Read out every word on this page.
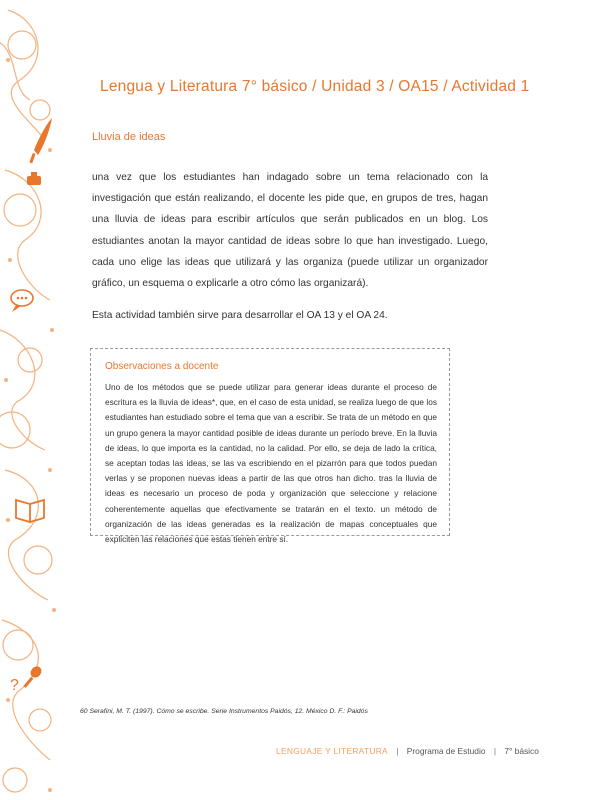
?
Lengua y Literatura 7° básico / Unidad 3 / OA15 / Actividad 1
Lluvia de ideas
una vez que los estudiantes han indagado sobre un tema relacionado con la investigación que están realizando, el docente les pide que, en grupos de tres, hagan una lluvia de ideas para escribir artículos que serán publicados en un blog. Los estudiantes anotan la mayor cantidad de ideas sobre lo que han investigado. Luego, cada uno elige las ideas que utilizará y las organiza (puede utilizar un organizador gráfico, un esquema o explicarle a otro cómo las organizará).
Esta actividad también sirve para desarrollar el OA 13 y el OA 24.
Observaciones a docente
Uno de los métodos que se puede utilizar para generar ideas durante el proceso de escritura es la lluvia de ideas*, que, en el caso de esta unidad, se realiza luego de que los estudiantes han estudiado sobre el tema que van a escribir. Se trata de un método en que un grupo genera la mayor cantidad posible de ideas durante un período breve. En la lluvia de ideas, lo que importa es la cantidad, no la calidad. Por ello, se deja de lado la crítica, se aceptan todas las ideas, se las va escribiendo en el pizarrón para que todos puedan verlas y se proponen nuevas ideas a partir de las que otros han dicho. tras la lluvia de ideas es necesario un proceso de poda y organización que seleccione y relacione coherentemente aquellas que efectivamente se tratarán en el texto. un método de organización de las ideas generadas es la realización de mapas conceptuales que expliciten las relaciones que estas tienen entre sí.
60 Serafini, M. T. (1997). Cómo se escribe. Serie Instrumentos Paidós, 12. México D. F.: Paidós
LENGUAJE Y LITERATURA | Programa de Estudio | 7° básico
